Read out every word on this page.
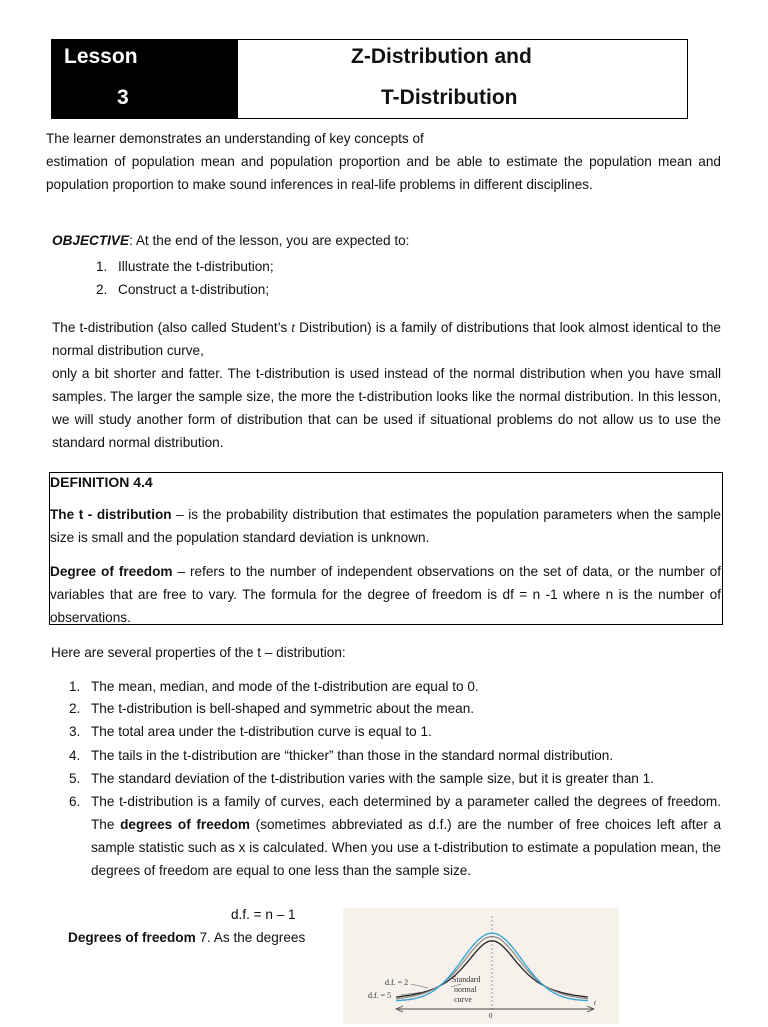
Lesson
3
Z-Distribution and
T-Distribution
The learner demonstrates an understanding of key concepts of
estimation of population mean and population proportion and be able to estimate the population mean and population proportion to make sound inferences in real-life problems in different disciplines.
OBJECTIVE: At the end of the lesson, you are expected to:
1. Illustrate the t-distribution;
2. Construct a t-distribution;
The t-distribution (also called Student’s t Distribution) is a family of distributions that look almost identical to the normal distribution curve,
only a bit shorter and fatter. The t-distribution is used instead of the normal distribution when you have small samples. The larger the sample size, the more the t-distribution looks like the normal distribution. In this lesson, we will study another form of distribution that can be used if situational problems do not allow us to use the standard normal distribution.
DEFINITION 4.4
The t - distribution – is the probability distribution that estimates the population parameters when the sample size is small and the population standard deviation is unknown.
Degree of freedom – refers to the number of independent observations on the set of data, or the number of variables that are free to vary. The formula for the degree of freedom is df = n -1 where n is the number of observations.
Here are several properties of the t – distribution:
1. The mean, median, and mode of the t-distribution are equal to 0.
2. The t-distribution is bell-shaped and symmetric about the mean.
3. The total area under the t-distribution curve is equal to 1.
4. The tails in the t-distribution are “thicker” than those in the standard normal distribution.
5. The standard deviation of the t-distribution varies with the sample size, but it is greater than 1.
6. The t-distribution is a family of curves, each determined by a parameter called the degrees of freedom. The degrees of freedom (sometimes abbreviated as d.f.) are the number of free choices left after a sample statistic such as x is calculated. When you use a t-distribution to estimate a population mean, the degrees of freedom are equal to one less than the sample size.
d.f. = n – 1
Degrees of freedom 7. As the degrees
d.f. = 2
d.f. = 5
Standard
normal
curve
0
t
